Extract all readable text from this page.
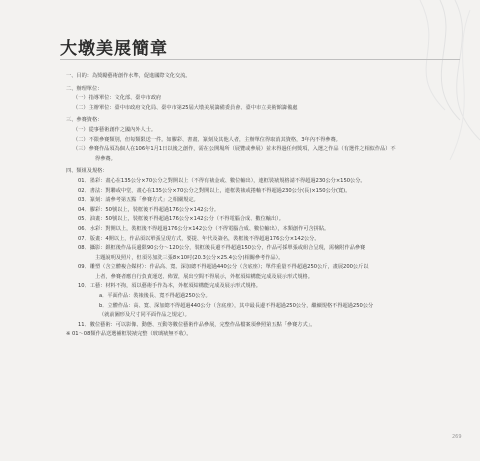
大墩美展簡章
一、目的：為獎勵藝術創作水準，促進國際文化交流。
二、辦理單位：
（一）指導單位：文化部、臺中市政府
（二）主辦單位：臺中市政府文化局、臺中市第25屆大墩美展籌備委員會、臺中市立美術館籌備處
三、參賽資格：
（一）從事藝術創作之國內外人士。
（二）不限參賽類別，但每類限送一件。如膠彩、書畫、篆刻及其他人者，主辦單位得取消其資格，3年內不得參賽。
（三）參賽作品須為個人在106年1月1日以後之創作，需在公開場所（展覽或參展）並未得過任何獎項，入選之作品（有選件之相似作品）不
得參賽。
四、類組及規格：
01．墨彩：畫心在135公分×70公分之對開以上（不得有裱金或、數位輸出），連框裝裱規格請不得超過230公分×150公分。
02．書法：對聯或中堂，畫心在135公分×70公分之對開以上，連框裝裱或捲軸不得超過230公分(長)×150公分(寬)。
03．篆刻：請參考第五點「參賽方式」之相關規定。
04．膠彩：50號以上，裝框後不得超過176公分×142公分。
05．油畫：50號以上，裝框後不得超過176公分×142公分（不得電腦合成、數位輸出）。
06．水彩：對開以上，裝框後不得超過176公分×142公分（不得電腦合成、數位輸出），本類創作可含拼貼。
07．版畫：4開以上，作品須以單張呈現方式，要提、年代及簽名，裝框後不得超過176公分×142公分。
08．攝影：銀框後作品長邊限90公分～120公分，裝框後長邊不得超過150公分，作品可採單張或組合呈現，需檢附作品參賽
主題說明及照片，但須另加洗三張8×10吋(20.3公分×25.4公分)相關參考作品）。
09．雕塑（含立體複合媒材）：作品高、寬、深加總不得超過440公分（含底座）；單件重量不得超過250公斤，畫展200公斤以
上者，參賽者應自行負責運送、佈置，展出空間不得展示，外框須結構能完成及展示形式規格。
10．工藝：材料不拘，須以藝術手作為本，外框須結構能完成及展示形式規格。
a．平面作品：裝裱後長、寬不得超過250公分。
b．立體作品：高、寬、深加總不得超過440公分（含底座），其中最長邊不得超過250公分，繼續規格不得超過250公分
（就前圖形及尺寸同平面作品之規定）。
11．數位藝術：可以影像、動態、互動等數位藝術作品參展，完整作品檔案須參照第五點「參賽方式」。
※ 01～08類作品送選補框裝裱完整（玻璃裱無不收）。
269
